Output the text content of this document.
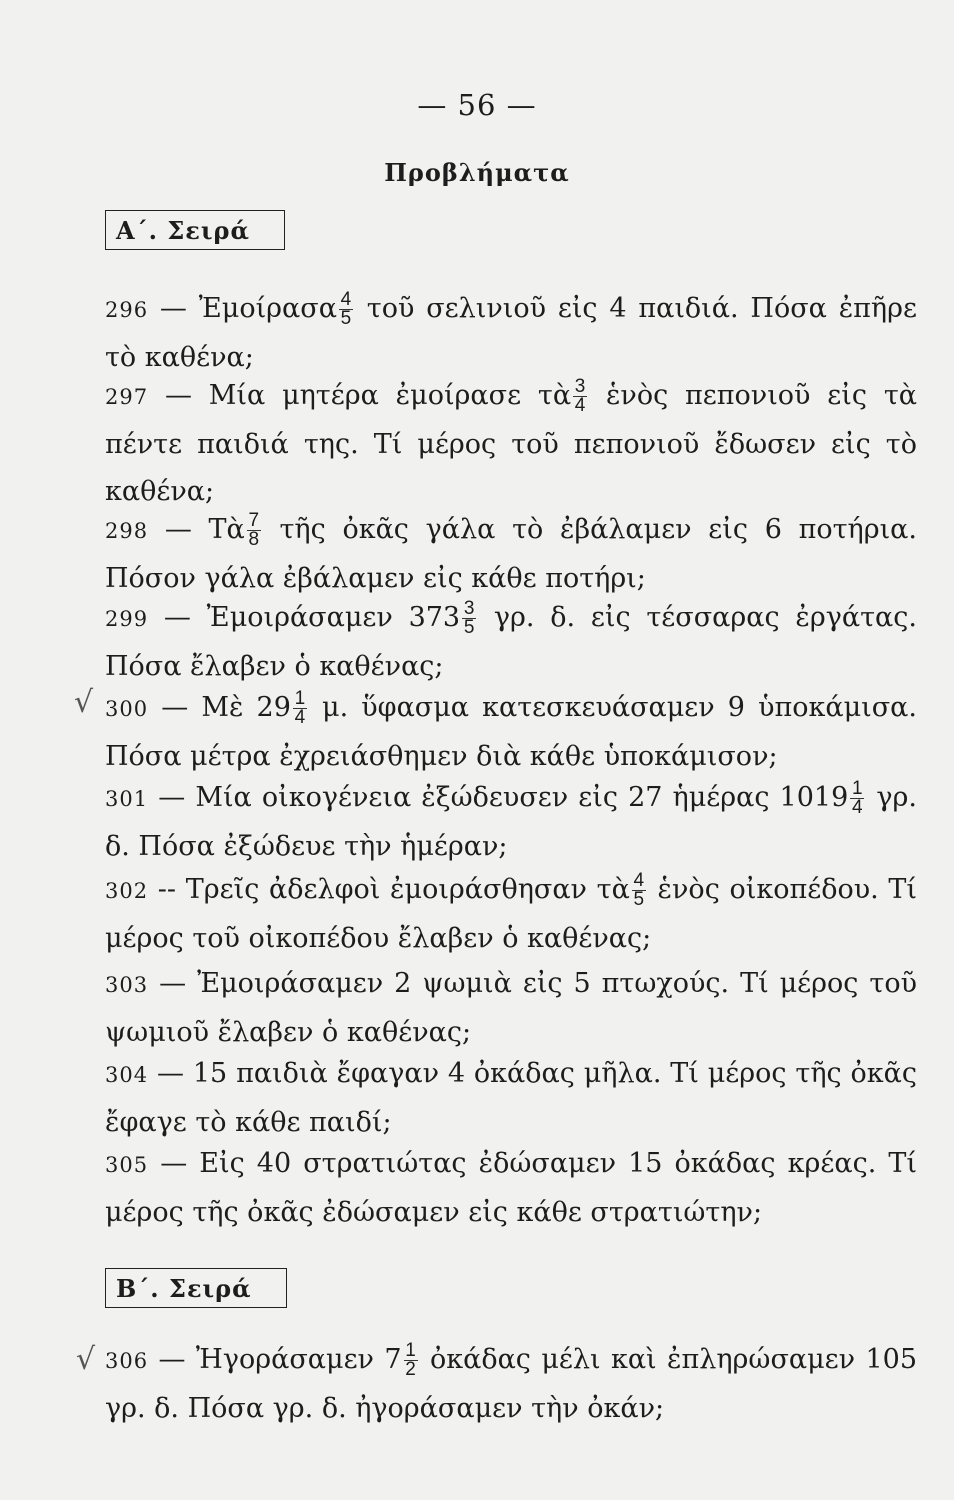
— 56 —
Προβλήματα
Α΄. Σειρά
296 — Ἐμοίρασα $\frac{4}{5}$ τοῦ σελινιοῦ εἰς 4 παιδιά. Πόσα ἐπῆρε τὸ καθένα;
297 — Μία μητέρα ἐμοίρασε τὰ $\frac{3}{4}$ ἑνὸς πεπονιοῦ εἰς τὰ πέντε παιδιά της. Τί μέρος τοῦ πεπονιοῦ ἔδωσεν εἰς τὸ καθένα;
298 — Τὰ $\frac{7}{8}$ τῆς ὀκᾶς γάλα τὸ ἐβάλαμεν εἰς 6 ποτήρια. Πόσον γάλα ἐβάλαμεν εἰς κάθε ποτήρι;
299 — Ἐμοιράσαμεν $373 \frac{3}{5} \gamma\rho$. δ. εἰς τέσσαρας ἐργάτας. Πόσα ἔλαβεν ὁ καθένας;
√ 300 — Μὲ $29 \frac{1}{4} \mu$. ὕφασμα κατεσκευάσαμεν 9 ὑποκάμισα. Πόσα μέτρα ἐχρειάσθημεν διὰ κάθε ὑποκάμισον;
301 — Μία οἰκογένεια ἐξώδευσεν εἰς 27 ἡμέρας $1019 \frac{1}{4} \gamma\rho$. δ. Πόσα ἐξώδευε τὴν ἡμέραν;
302 -- Τρεῖς ἀδελφοὶ ἐμοιράσθησαν τὰ $\frac{4}{5}$ ἑνὸς οἰκοπέδου. Τί μέρος τοῦ οἰκοπέδου ἔλαβεν ὁ καθένας;
303 — Ἐμοιράσαμεν 2 ψωμιὰ εἰς 5 πτωχούς. Τί μέρος τοῦ ψωμιοῦ ἔλαβεν ὁ καθένας;
304 — 15 παιδιὰ ἔφαγαν 4 ὀκάδας μῆλα. Τί μέρος τῆς ὀκᾶς ἔφαγε τὸ κάθε παιδί;
305 — Εἰς 40 στρατιώτας ἐδώσαμεν 15 ὀκάδας κρέας. Τί μέρος τῆς ὀκᾶς ἐδώσαμεν εἰς κάθε στρατιώτην;
Β΄. Σειρά
√ 306 — Ἠγοράσαμεν $7 \frac{1}{2}$ ὀκάδας μέλι καὶ ἐπληρώσαμεν 105 γρ. δ. Πόσα γρ. δ. ἠγοράσαμεν τὴν ὀκάν;
